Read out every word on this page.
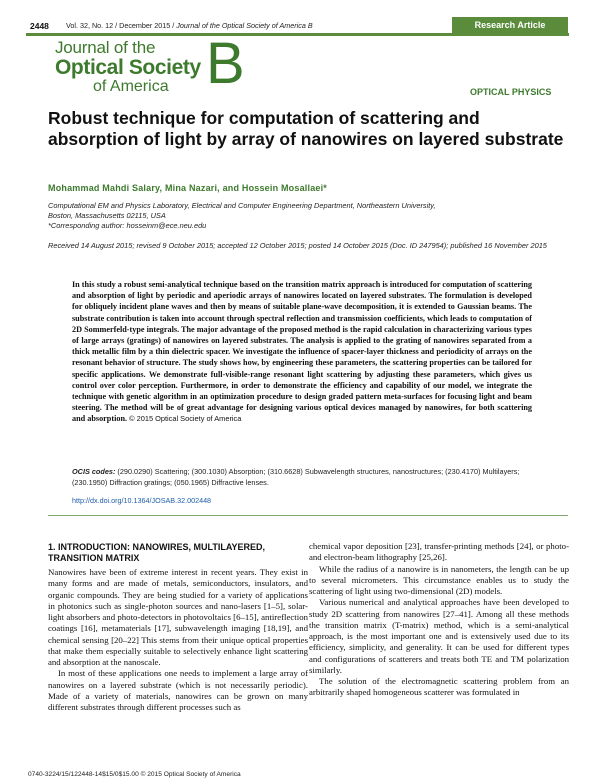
2448 Vol. 32, No. 12 / December 2015 / Journal of the Optical Society of America B	Research Article
Journal of the
Optical Society
of America B	OPTICAL PHYSICS
Robust technique for computation of scattering and absorption of light by array of nanowires on layered substrate
Mohammad Mahdi Salary, Mina Nazari, and Hossein Mosallaei*
Computational EM and Physics Laboratory, Electrical and Computer Engineering Department, Northeastern University,
Boston, Massachusetts 02115, USA
*Corresponding author: hosseinm@ece.neu.edu
Received 14 August 2015; revised 9 October 2015; accepted 12 October 2015; posted 14 October 2015 (Doc. ID 247954); published 16 November 2015
In this study a robust semi-analytical technique based on the transition matrix approach is introduced for computation of scattering and absorption of light by periodic and aperiodic arrays of nanowires located on layered substrates. The formulation is developed for obliquely incident plane waves and then by means of suitable plane-wave decomposition, it is extended to Gaussian beams. The substrate contribution is taken into account through spectral reflection and transmission coefficients, which leads to computation of 2D Sommerfeld-type integrals. The major advantage of the proposed method is the rapid calculation in characterizing various types of large arrays (gratings) of nanowires on layered substrates. The analysis is applied to the grating of nanowires separated from a thick metallic film by a thin dielectric spacer. We investigate the influence of spacer-layer thickness and periodicity of arrays on the resonant behavior of structure. The study shows how, by engineering these parameters, the scattering properties can be tailored for specific applications. We demonstrate full-visible-range resonant light scattering by adjusting these parameters, which gives us control over color perception. Furthermore, in order to demonstrate the efficiency and capability of our model, we integrate the technique with genetic algorithm in an optimization procedure to design graded pattern meta-surfaces for focusing light and beam steering. The method will be of great advantage for designing various optical devices managed by nanowires, for both scattering and absorption. © 2015 Optical Society of America
OCIS codes: (290.0290) Scattering; (300.1030) Absorption; (310.6628) Subwavelength structures, nanostructures; (230.4170) Multilayers; (230.1950) Diffraction gratings; (050.1965) Diffractive lenses.
http://dx.doi.org/10.1364/JOSAB.32.002448
1. INTRODUCTION: NANOWIRES, MULTILAYERED, TRANSITION MATRIX

Nanowires have been of extreme interest in recent years. They exist in many forms and are made of metals, semiconductors, insulators, and organic compounds. They are being studied for a variety of applications in photonics such as single-photon sources and nano-lasers [1–5], solar-light absorbers and photo-detectors in photovoltaics [6–15], antireflection coatings [16], metamaterials [17], subwavelength imaging [18,19], and chemical sensing [20–22] This stems from their unique optical properties that make them especially suitable to selectively enhance light scattering and absorption at the nanoscale.

In most of these applications one needs to implement a large array of nanowires on a layered substrate (which is not necessarily periodic). Made of a variety of materials, nanowires can be grown on many different substrates through different processes such as

chemical vapor deposition [23], transfer-printing methods [24], or photo- and electron-beam lithography [25,26].

While the radius of a nanowire is in nanometers, the length can be up to several micrometers. This circumstance enables us to study the scattering of light using two-dimensional (2D) models.

Various numerical and analytical approaches have been developed to study 2D scattering from nanowires [27–41]. Among all these methods the transition matrix (T-matrix) method, which is a semi-analytical approach, is the most important one and is extensively used due to its efficiency, simplicity, and generality. It can be used for different types and configurations of scatterers and treats both TE and TM polarization similarly.

The solution of the electromagnetic scattering problem from an arbitrarily shaped homogeneous scatterer was formulated in

0740-3224/15/122448-14$15/0$15.00 © 2015 Optical Society of America
